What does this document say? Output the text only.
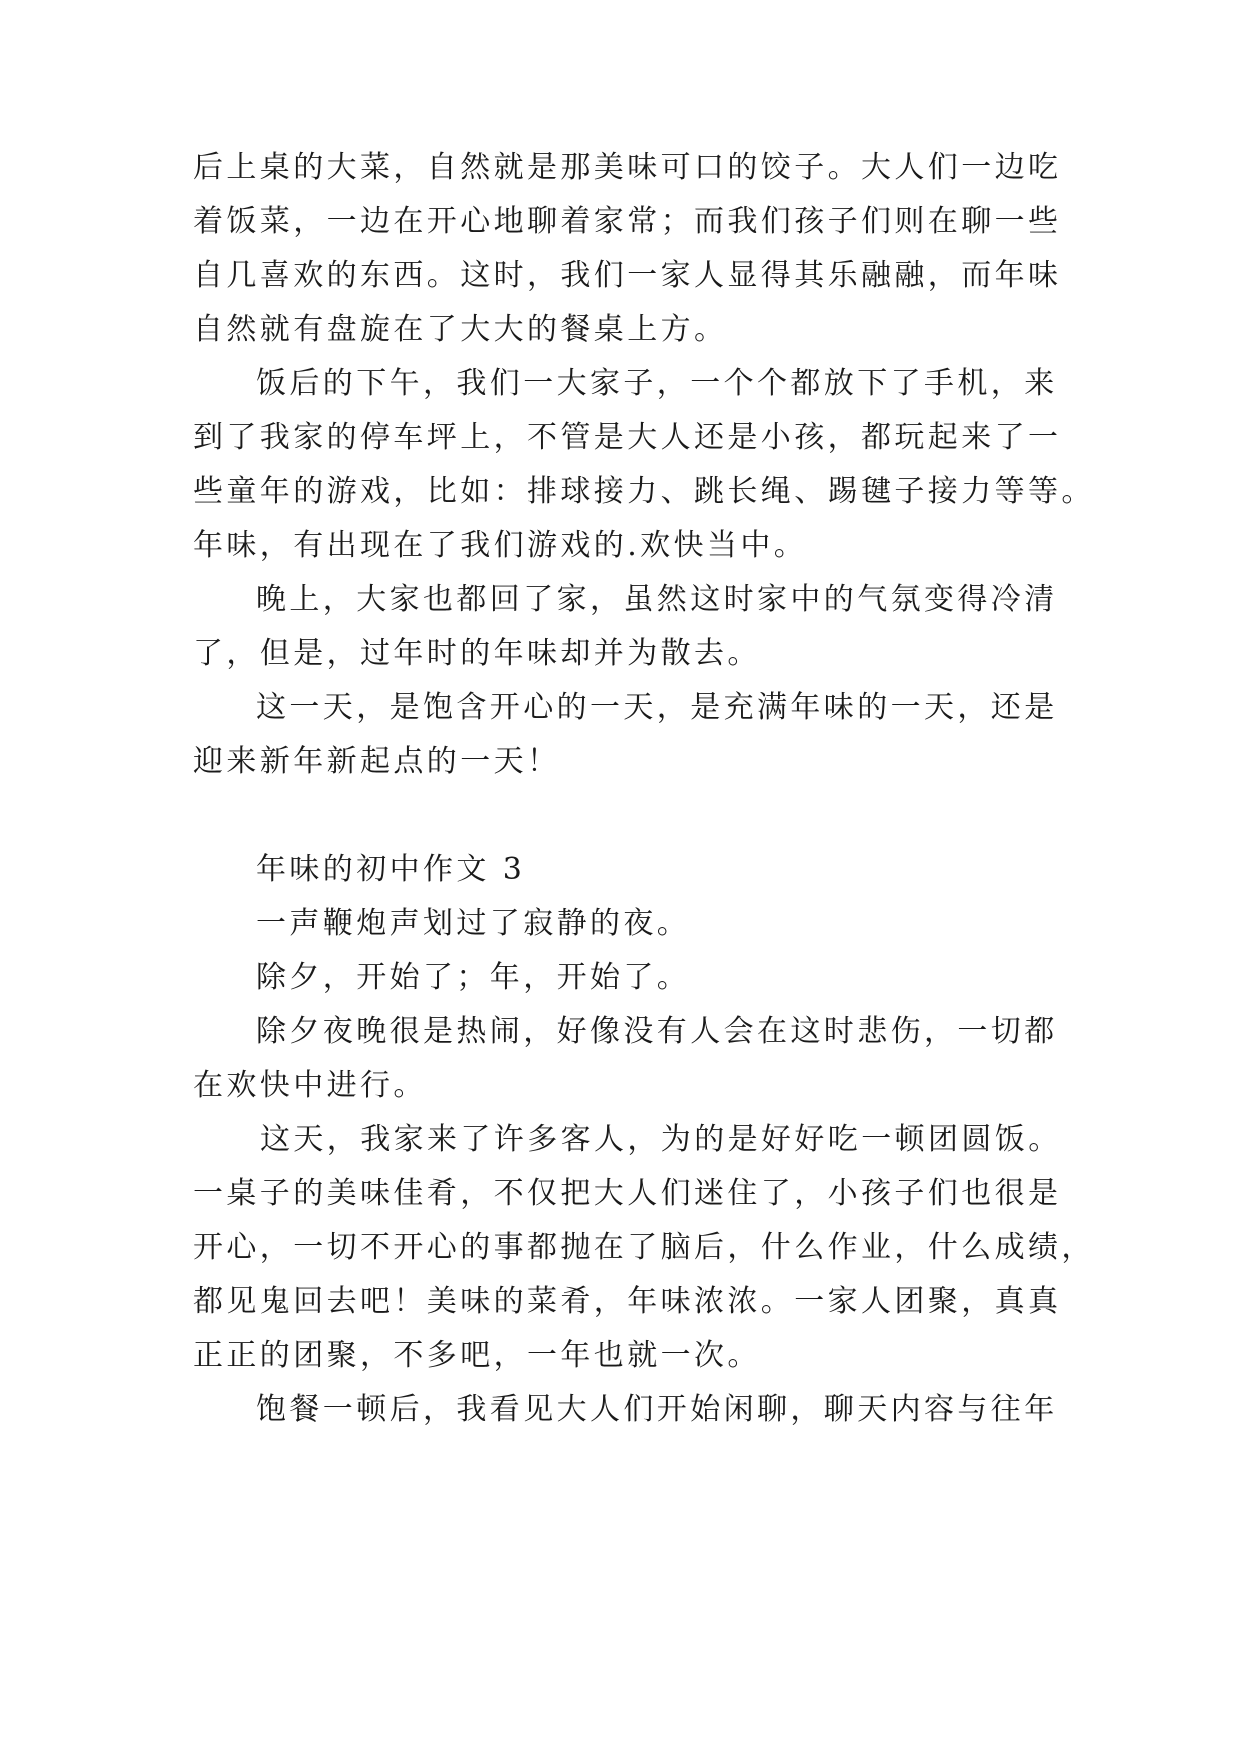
后上桌的大菜，自然就是那美味可口的饺子。大人们一边吃
着饭菜，一边在开心地聊着家常；而我们孩子们则在聊一些
自几喜欢的东西。这时，我们一家人显得其乐融融，而年味
自然就有盘旋在了大大的餐桌上方。
饭后的下午，我们一大家子，一个个都放下了手机，来
到了我家的停车坪上，不管是大人还是小孩，都玩起来了一
些童年的游戏，比如：排球接力、跳长绳、踢毽子接力等等。
年味，有出现在了我们游戏的.欢快当中。
晚上，大家也都回了家，虽然这时家中的气氛变得冷清
了，但是，过年时的年味却并为散去。
这一天，是饱含开心的一天，是充满年味的一天，还是
迎来新年新起点的一天！
年味的初中作文 3
一声鞭炮声划过了寂静的夜。
除夕，开始了；年，开始了。
除夕夜晚很是热闹，好像没有人会在这时悲伤，一切都
在欢快中进行。
这天，我家来了许多客人，为的是好好吃一顿团圆饭。
一桌子的美味佳肴，不仅把大人们迷住了，小孩子们也很是
开心，一切不开心的事都抛在了脑后，什么作业，什么成绩，
都见鬼回去吧！美味的菜肴，年味浓浓。一家人团聚，真真
正正的团聚，不多吧，一年也就一次。
饱餐一顿后，我看见大人们开始闲聊，聊天内容与往年
